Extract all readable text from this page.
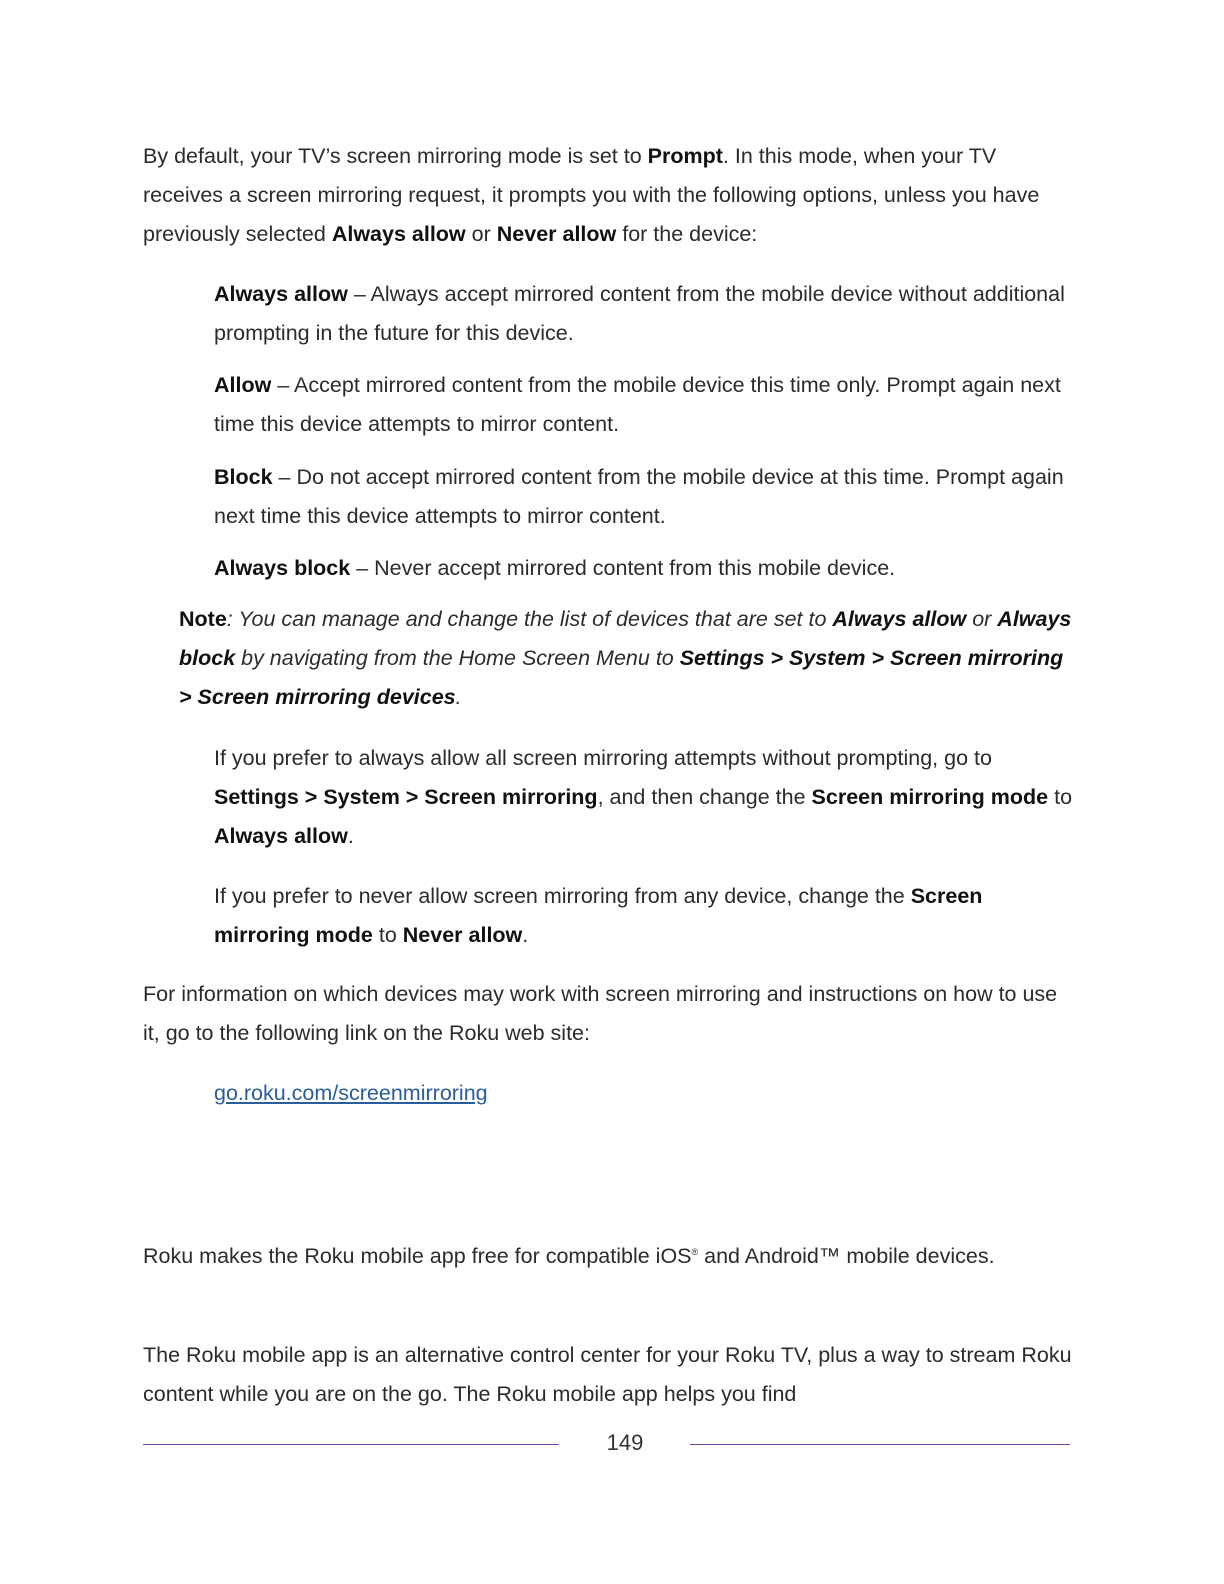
By default, your TV’s screen mirroring mode is set to Prompt. In this mode, when your TV receives a screen mirroring request, it prompts you with the following options, unless you have previously selected Always allow or Never allow for the device:

Always allow – Always accept mirrored content from the mobile device without additional prompting in the future for this device.

Allow – Accept mirrored content from the mobile device this time only. Prompt again next time this device attempts to mirror content.

Block – Do not accept mirrored content from the mobile device at this time. Prompt again next time this device attempts to mirror content.

Always block – Never accept mirrored content from this mobile device.

Note: You can manage and change the list of devices that are set to Always allow or Always block by navigating from the Home Screen Menu to Settings > System > Screen mirroring > Screen mirroring devices.

If you prefer to always allow all screen mirroring attempts without prompting, go to Settings > System > Screen mirroring, and then change the Screen mirroring mode to Always allow.

If you prefer to never allow screen mirroring from any device, change the Screen mirroring mode to Never allow.

For information on which devices may work with screen mirroring and instructions on how to use it, go to the following link on the Roku web site:

go.roku.com/screenmirroring

Roku makes the Roku mobile app free for compatible iOS® and Android™ mobile devices.

The Roku mobile app is an alternative control center for your Roku TV, plus a way to stream Roku content while you are on the go. The Roku mobile app helps you find

149
